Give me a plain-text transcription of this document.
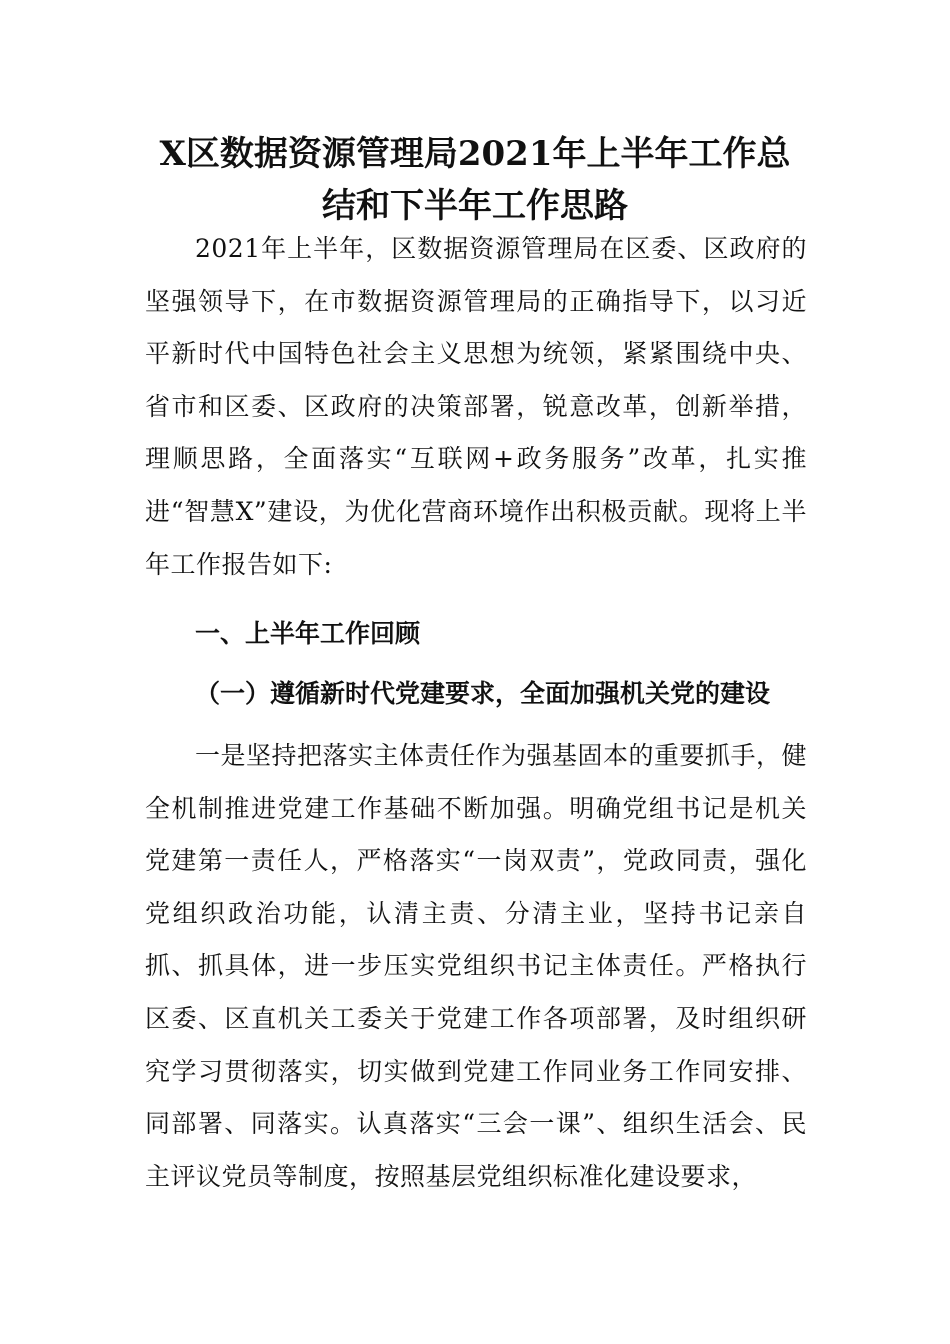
X区数据资源管理局2021年上半年工作总
结和下半年工作思路

2021年上半年，区数据资源管理局在区委、区政府的坚强领导下，在市数据资源管理局的正确指导下，以习近平新时代中国特色社会主义思想为统领，紧紧围绕中央、省市和区委、区政府的决策部署，锐意改革，创新举措，理顺思路，全面落实“互联网+政务服务”改革，扎实推进“智慧X”建设，为优化营商环境作出积极贡献。现将上半年工作报告如下:

一、上半年工作回顾

（一）遵循新时代党建要求，全面加强机关党的建设

一是坚持把落实主体责任作为强基固本的重要抓手，健全机制推进党建工作基础不断加强。明确党组书记是机关党建第一责任人，严格落实“一岗双责”，党政同责，强化党组织政治功能，认清主责、分清主业，坚持书记亲自抓、抓具体，进一步压实党组织书记主体责任。严格执行区委、区直机关工委关于党建工作各项部署，及时组织研究学习贯彻落实，切实做到党建工作同业务工作同安排、同部署、同落实。认真落实“三会一课”、组织生活会、民主评议党员等制度，按照基层党组织标准化建设要求，
